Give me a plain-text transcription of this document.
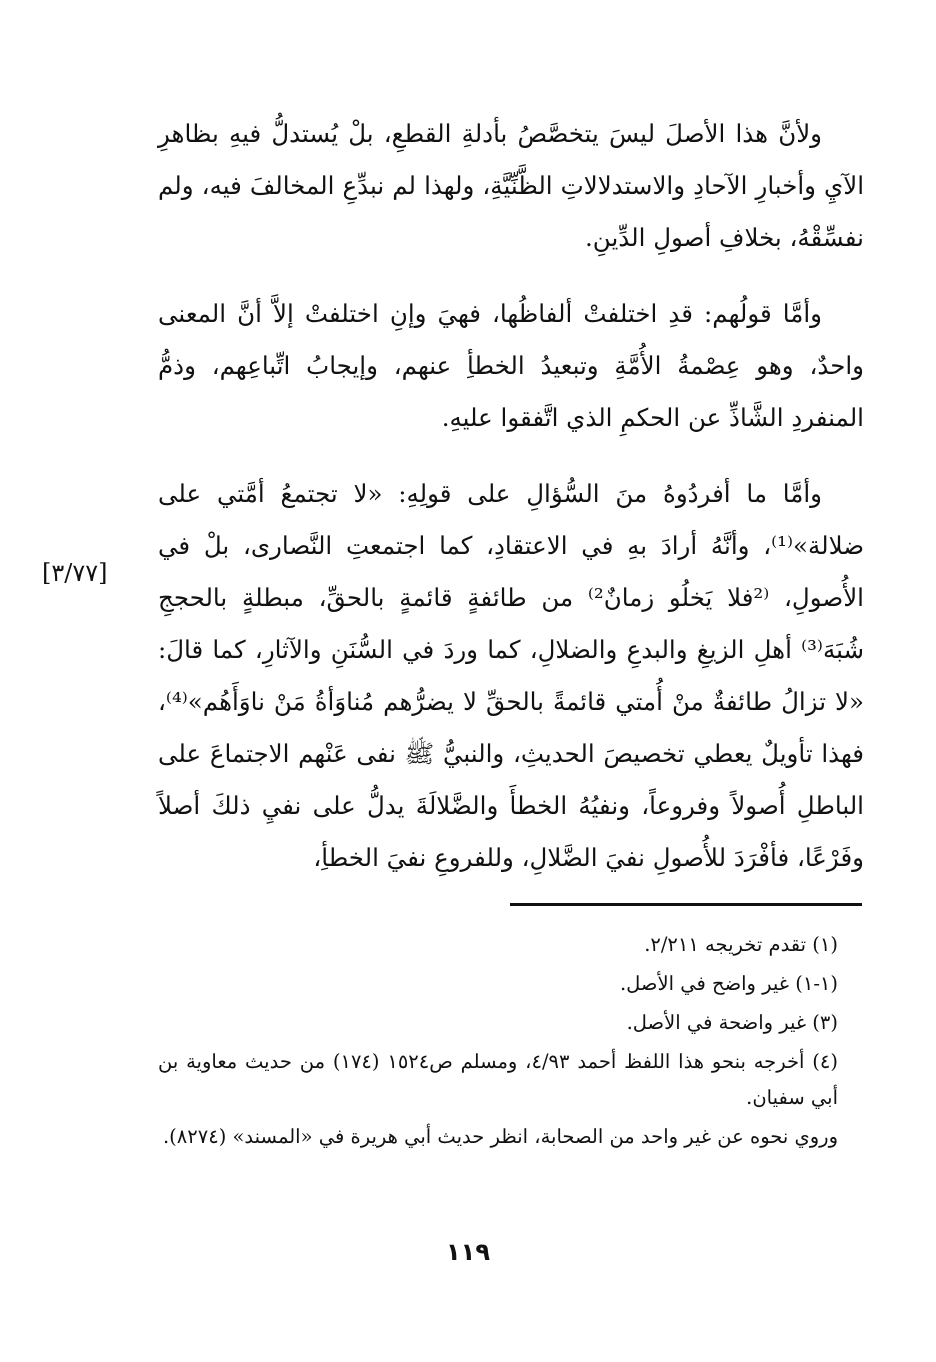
ولأنَّ هذا الأصلَ ليسَ يتخصَّصُ بأدلةِ القطعِ، بلْ يُستدلُّ فيهِ بظاهرِ الآيِ وأخبارِ الآحادِ والاستدلالاتِ الظَّنِّيَّةِ، ولهذا لم نبدِّعِ المخالفَ فيه، ولم نفسِّقْهُ، بخلافِ أصولِ الدِّينِ.

وأمَّا قولُهم: قدِ اختلفتْ ألفاظُها، فهيَ وإنِ اختلفتْ إلاَّ أنَّ المعنى واحدٌ، وهو عِصْمةُ الأُمَّةِ وتبعيدُ الخطأِ عنهم، وإيجابُ اتِّباعِهم، وذمُّ المنفردِ الشَّاذِّ عن الحكمِ الذي اتَّفقوا عليهِ.

وأمَّا ما أفردُوهُ منَ السُّؤالِ على قولِهِ: «لا تجتمعُ أمَّتي على ضلالة»⁽¹⁾، وأنَّهُ أرادَ بهِ في الاعتقادِ، كما اجتمعتِ النَّصارى، بلْ في الأُصولِ، ⁽²فلا يَخلُو زمانٌ²⁾ من طائفةٍ قائمةٍ بالحقِّ، مبطلةٍ بالحججِ شُبَهَ⁽³⁾ أهلِ الزيغِ والبدعِ والضلالِ، كما وردَ في السُّنَنِ والآثارِ، كما قالَ: «لا تزالُ طائفةٌ منْ أُمتي قائمةً بالحقِّ لا يضرُّهم مُناوَأةُ مَنْ ناوَأَهُم»⁽⁴⁾، فهذا تأويلٌ يعطي تخصيصَ الحديثِ، والنبيُّ ﷺ نفى عَنْهم الاجتماعَ على الباطلِ أُصولاً وفروعاً، ونفيُهُ الخطأَ والضَّلالَةَ يدلُّ على نفيِ ذلكَ أصلاً وفَرْعًا، فأفْرَدَ للأُصولِ نفيَ الضَّلالِ، وللفروعِ نفيَ الخطأِ،

[٣/٧٧]

(١) تقدم تخريجه ٢/٢١١.

(١-١) غير واضح في الأصل.

(٣) غير واضحة في الأصل.

(٤) أخرجه بنحو هذا اللفظ أحمد ٤/٩٣، ومسلم ص١٥٢٤ (١٧٤) من حديث معاوية بن أبي سفيان.

وروي نحوه عن غير واحد من الصحابة، انظر حديث أبي هريرة في «المسند» (٨٢٧٤).

١١٩
